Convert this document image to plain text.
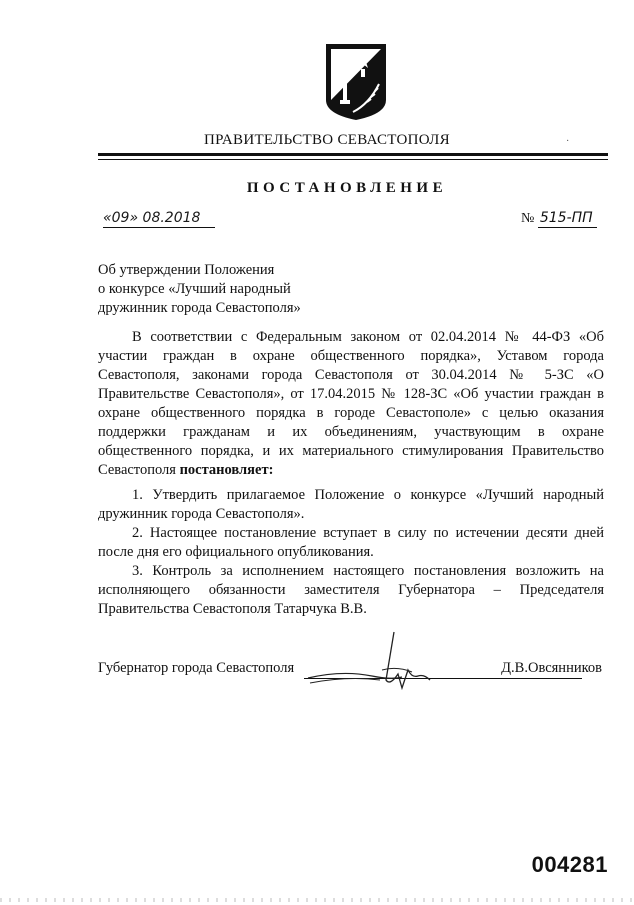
ПРАВИТЕЛЬСТВО СЕВАСТОПОЛЯ	·
ПОСТАНОВЛЕНИЕ
«09» 08.2018	№ 515-ПП
Об утверждении Положения
о конкурсе «Лучший народный
дружинник города Севастополя»

В соответствии с Федеральным законом от 02.04.2014 № 44-ФЗ «Об участии граждан в охране общественного порядка», Уставом города Севастополя, законами города Севастополя от 30.04.2014 № 5-ЗС «О Правительстве Севастополя», от 17.04.2015 № 128-ЗС «Об участии граждан в охране общественного порядка в городе Севастополе» с целью оказания поддержки гражданам и их объединениям, участвующим в охране общественного порядка, и их материального стимулирования Правительство Севастополя постановляет:

1. Утвердить прилагаемое Положение о конкурсе «Лучший народный дружинник города Севастополя».

2. Настоящее постановление вступает в силу по истечении десяти дней после дня его официального опубликования.

3. Контроль за исполнением настоящего постановления возложить на исполняющего обязанности заместителя Губернатора – Председателя Правительства Севастополя Татарчука В.В.

Губернатор города Севастополя	Д.В.Овсянников
004281
